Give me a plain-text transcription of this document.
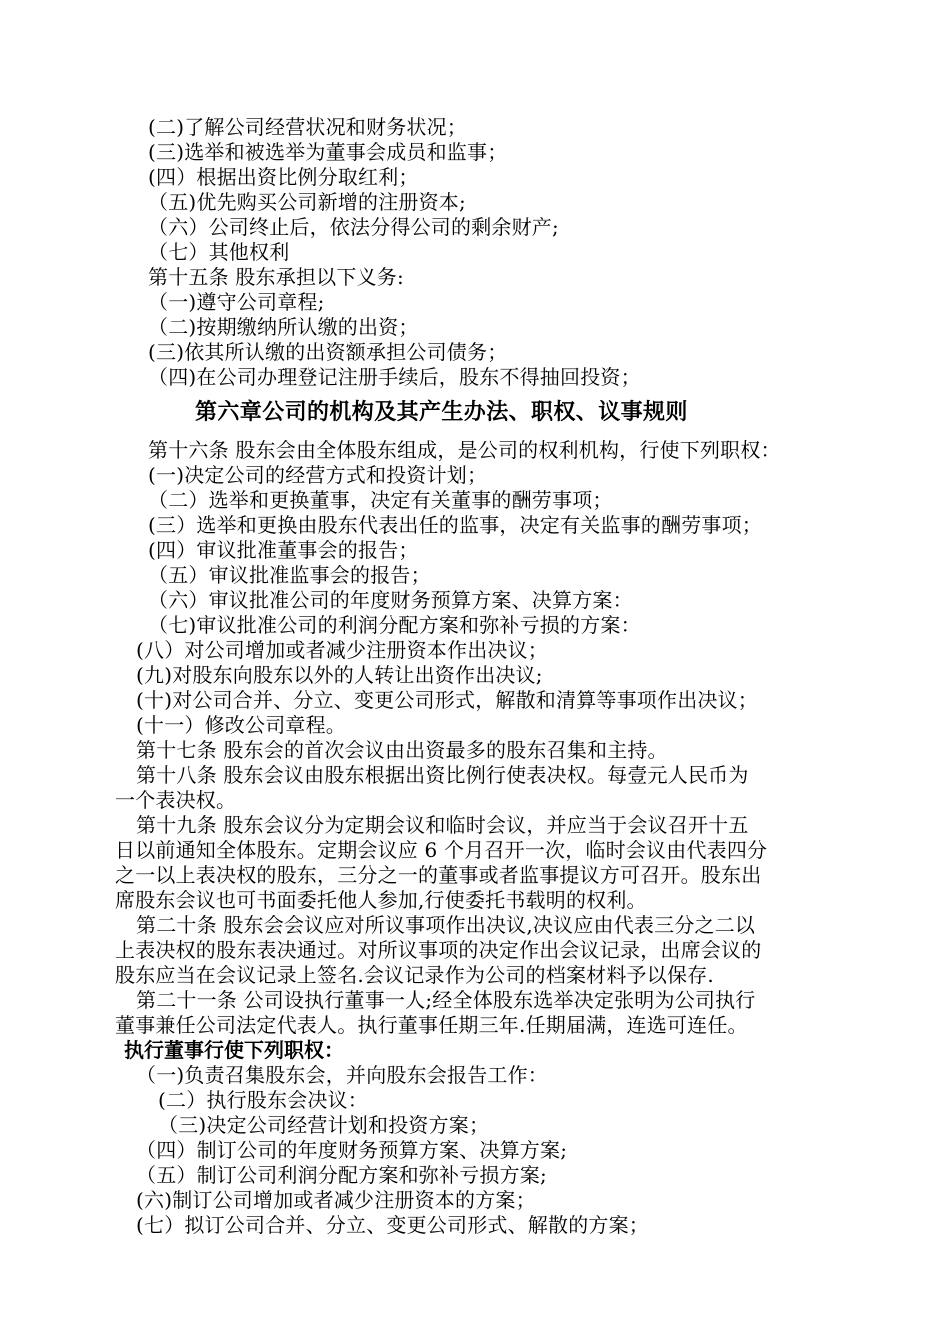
(二)了解公司经营状况和财务状况；
(三)选举和被选举为董事会成员和监事；
(四）根据出资比例分取红利；
（五)优先购买公司新增的注册资本;
（六）公司终止后，依法分得公司的剩余财产;
（七）其他权利
第十五条 股东承担以下义务:
（一)遵守公司章程;
（二)按期缴纳所认缴的出资；
(三)依其所认缴的出资额承担公司债务；
（四)在公司办理登记注册手续后，股东不得抽回投资；
第六章公司的机构及其产生办法、职权、议事规则
第十六条 股东会由全体股东组成，是公司的权利机构，行使下列职权：
(一)决定公司的经营方式和投资计划；
（二）选举和更换董事，决定有关董事的酬劳事项；
(三）选举和更换由股东代表出任的监事，决定有关监事的酬劳事项；
(四）审议批准董事会的报告；
（五）审议批准监事会的报告；
（六）审议批准公司的年度财务预算方案、决算方案：
（七)审议批准公司的利润分配方案和弥补亏损的方案：
(八）对公司增加或者减少注册资本作出决议；
(九)对股东向股东以外的人转让出资作出决议;
(十)对公司合并、分立、变更公司形式，解散和清算等事项作出决议；
(十一）修改公司章程。
第十七条 股东会的首次会议由出资最多的股东召集和主持。
第十八条 股东会议由股东根据出资比例行使表决权。每壹元人民币为
一个表决权。
第十九条 股东会议分为定期会议和临时会议，并应当于会议召开十五
日以前通知全体股东。定期会议应 6 个月召开一次，临时会议由代表四分
之一以上表决权的股东，三分之一的董事或者监事提议方可召开。股东出
席股东会议也可书面委托他人参加,行使委托书载明的权利。
第二十条 股东会会议应对所议事项作出决议,决议应由代表三分之二以
上表决权的股东表决通过。对所议事项的决定作出会议记录，出席会议的
股东应当在会议记录上签名.会议记录作为公司的档案材料予以保存.
第二十一条 公司设执行董事一人;经全体股东选举决定张明为公司执行
董事兼任公司法定代表人。执行董事任期三年.任期届满，连选可连任。
执行董事行使下列职权：
（一)负责召集股东会，并向股东会报告工作：
(二）执行股东会决议：
（三)决定公司经营计划和投资方案；
（四）制订公司的年度财务预算方案、决算方案;
（五）制订公司利润分配方案和弥补亏损方案;
(六)制订公司增加或者减少注册资本的方案；
(七）拟订公司合并、分立、变更公司形式、解散的方案；
